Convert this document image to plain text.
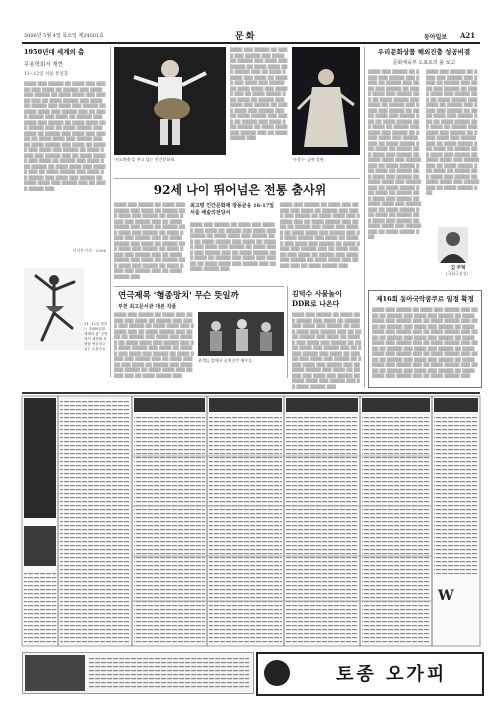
2006년 5월 4일 목요일 제24501호	문화	동아일보 A21
1950년대 세계의 춤
무용학회서 재현
11∼12일 서울 통일홀

▒▒▒▒ ▒▒▒ ▒▒▒▒▒ ▒▒ ▒▒▒▒ ▒▒▒ ▒▒▒▒▒ ▒▒▒ ▒▒▒▒ ▒▒ ▒▒▒▒▒ ▒▒▒ ▒▒▒▒ ▒▒▒ ▒▒▒▒▒ ▒▒ ▒▒▒▒ ▒▒▒▒ ▒▒▒ ▒▒▒▒▒ ▒▒▒ ▒▒ ▒▒▒▒ ▒▒▒▒▒ ▒▒▒ ▒▒▒▒ ▒▒ ▒▒▒▒▒ ▒▒▒ ▒▒▒▒ ▒▒▒ ▒▒▒▒▒ ▒▒ ▒▒▒▒ ▒▒▒▒ ▒▒▒ ▒▒▒▒▒ ▒▒▒ ▒▒ ▒▒▒▒ ▒▒▒▒▒ ▒▒▒ ▒▒▒▒ ▒▒ ▒▒▒▒▒ ▒▒▒ ▒▒▒▒ ▒▒▒ ▒▒▒▒▒ ▒▒ ▒▒▒▒ ▒▒▒▒ ▒▒▒ ▒▒▒▒▒ ▒▒▒ ▒▒ ▒▒▒▒ ▒▒▒▒▒ ▒▒▒ ▒▒▒▒ ▒▒ ▒▒▒▒▒ ▒▒▒ ▒▒▒▒ ▒▒▒ ▒▒▒▒▒ ▒▒ ▒▒▒▒ ▒▒▒▒ ▒▒▒ ▒▒▒▒▒ ▒▒▒ ▒▒ ▒▒▒▒ ▒▒▒▒▒ ▒▒▒ ▒▒▒▒ ▒▒ ▒▒▒▒▒ ▒▒▒ ▒▒▒▒ ▒▒▒ ▒▒▒▒▒ ▒▒ ▒▒▒▒ ▒▒▒▒ ▒▒▒ ▒▒▒▒▒ ▒▒▒ ▒▒ ▒▒▒▒ ▒▒▒▒▒ ▒▒▒ ▒▒▒▒ ▒▒ ▒▒▒▒▒ ▒▒▒ ▒▒▒▒ ▒▒▒ ▒▒▒▒▒ ▒▒ ▒▒▒▒ ▒▒▒▒ ▒▒▒ ▒▒▒▒▒ ▒▒▒ ▒▒ ▒▒▒▒ ▒▒▒▒▒ ▒▒▒ ▒▒▒▒ ▒▒ ▒▒▒▒▒ ▒▒▒ ▒▒▒▒ ▒▒▒ ▒▒▒▒▒ ▒▒ ▒▒▒▒ ▒▒▒▒ ▒▒▒ ▒▒▒▒▒ ▒▒▒ ▒▒ ▒▒▒▒ ▒▒▒▒▒ ▒▒▒

이지은기자 · 2006
11∼12일 열리는 '1950년대 세계의 춤' 공연에서 재현될 작품을 연습하고 있는 무용수들.
'진도북춤'을 추고 있는 인간문화재.

▒▒▒▒ ▒▒▒ ▒▒▒▒▒ ▒▒ ▒▒▒▒ ▒▒▒ ▒▒▒▒▒ ▒▒▒ ▒▒▒▒ ▒▒ ▒▒▒▒▒ ▒▒▒ ▒▒▒▒ ▒▒▒ ▒▒▒▒▒ ▒▒ ▒▒▒▒ ▒▒▒▒ ▒▒▒ ▒▒▒▒▒ ▒▒▒ ▒▒ ▒▒▒▒ ▒▒▒▒▒ ▒▒▒ ▒▒▒▒ ▒▒ ▒▒▒▒▒ ▒▒▒ ▒▒▒▒ ▒▒▒ ▒▒▒▒▒ ▒▒ ▒▒▒▒ ▒▒▒▒ ▒▒▒ ▒▒▒▒▒ ▒▒▒ ▒▒ ▒▒▒▒ ▒▒▒▒▒ ▒▒▒ ▒▒▒▒ ▒▒ ▒▒▒▒▒ ▒▒▒ ▒▒▒▒ ▒▒▒ ▒▒▒▒▒ ▒▒ ▒▒▒▒ ▒▒▒▒ ▒▒▒ ▒▒▒▒▒ ▒▒▒ ▒▒ ▒▒▒▒ ▒▒▒▒▒ ▒▒▒ ▒▒▒▒ ▒▒ ▒▒▒▒▒ ▒▒▒ ▒▒▒▒ ▒▒▒ ▒▒▒▒▒ ▒▒ ▒▒▒▒ ▒▒▒▒ ▒▒▒ ▒▒▒▒▒ ▒▒▒ ▒▒ ▒▒▒▒ ▒▒▒▒▒ ▒▒▒

'무목수' 공연 장면.
우리문화상품 해외진출 성공비결
문화체육부 도표로의 올 보고

▒▒▒▒ ▒▒▒ ▒▒▒▒▒ ▒▒ ▒▒▒▒ ▒▒▒ ▒▒▒▒▒ ▒▒▒ ▒▒▒▒ ▒▒ ▒▒▒▒▒ ▒▒▒ ▒▒▒▒ ▒▒▒ ▒▒▒▒▒ ▒▒ ▒▒▒▒ ▒▒▒▒ ▒▒▒ ▒▒▒▒▒ ▒▒▒ ▒▒ ▒▒▒▒ ▒▒▒▒▒ ▒▒▒ ▒▒▒▒ ▒▒ ▒▒▒▒▒ ▒▒▒ ▒▒▒▒ ▒▒▒ ▒▒▒▒▒ ▒▒ ▒▒▒▒ ▒▒▒▒ ▒▒▒ ▒▒▒▒▒ ▒▒▒ ▒▒ ▒▒▒▒ ▒▒▒▒▒ ▒▒▒ ▒▒▒▒ ▒▒ ▒▒▒▒▒ ▒▒▒ ▒▒▒▒ ▒▒▒ ▒▒▒▒▒ ▒▒ ▒▒▒▒ ▒▒▒▒ ▒▒▒ ▒▒▒▒▒ ▒▒▒ ▒▒ ▒▒▒▒ ▒▒▒▒▒ ▒▒▒ ▒▒▒▒ ▒▒ ▒▒▒▒▒ ▒▒▒ ▒▒▒▒ ▒▒▒ ▒▒▒▒▒ ▒▒ ▒▒▒▒ ▒▒▒▒ ▒▒▒ ▒▒▒▒▒ ▒▒▒ ▒▒ ▒▒▒▒ ▒▒▒▒▒ ▒▒▒ ▒▒▒▒ ▒▒ ▒▒▒▒▒ ▒▒▒ ▒▒▒▒ ▒▒▒ ▒▒▒▒▒ ▒▒ ▒▒▒▒ ▒▒▒▒ ▒▒▒ ▒▒▒▒▒ ▒▒▒ ▒▒ ▒▒▒▒ ▒▒▒▒▒ ▒▒▒ ▒▒▒▒ ▒▒ ▒▒▒▒▒ ▒▒▒ ▒▒▒▒ ▒▒▒ ▒▒▒▒▒ ▒▒ ▒▒▒▒ ▒▒▒▒ ▒▒▒ ▒▒▒▒▒ ▒▒▒ ▒▒ ▒▒▒▒ ▒▒▒▒▒ ▒▒▒ ▒▒▒▒ ▒▒ ▒▒▒▒▒ ▒▒▒ ▒▒▒▒ ▒▒▒ ▒▒▒▒▒ ▒▒ ▒▒▒▒ ▒▒▒▒ ▒▒▒ ▒▒▒▒▒ ▒▒▒ ▒▒ ▒▒▒▒ ▒▒▒▒▒ ▒▒▒

▒▒▒▒ ▒▒▒ ▒▒▒▒▒ ▒▒ ▒▒▒▒ ▒▒▒ ▒▒▒▒▒ ▒▒▒ ▒▒▒▒ ▒▒ ▒▒▒▒▒ ▒▒▒ ▒▒▒▒ ▒▒▒ ▒▒▒▒▒ ▒▒ ▒▒▒▒ ▒▒▒▒ ▒▒▒ ▒▒▒▒▒ ▒▒▒ ▒▒ ▒▒▒▒ ▒▒▒▒▒ ▒▒▒ ▒▒▒▒ ▒▒ ▒▒▒▒▒ ▒▒▒ ▒▒▒▒ ▒▒▒ ▒▒▒▒▒ ▒▒ ▒▒▒▒ ▒▒▒▒ ▒▒▒ ▒▒▒▒▒ ▒▒▒ ▒▒ ▒▒▒▒ ▒▒▒▒▒ ▒▒▒ ▒▒▒▒ ▒▒ ▒▒▒▒▒ ▒▒▒ ▒▒▒▒ ▒▒▒ ▒▒▒▒▒ ▒▒ ▒▒▒▒ ▒▒▒▒ ▒▒▒ ▒▒▒▒▒ ▒▒▒ ▒▒ ▒▒▒▒ ▒▒▒▒▒ ▒▒▒ ▒▒▒▒ ▒▒ ▒▒▒▒▒ ▒▒▒ ▒▒▒▒ ▒▒▒ ▒▒▒▒▒ ▒▒ ▒▒▒▒ ▒▒▒▒ ▒▒▒ ▒▒▒▒▒ ▒▒▒ ▒▒ ▒▒▒▒ ▒▒▒▒▒ ▒▒▒ ▒▒▒▒ ▒▒ ▒▒▒▒▒ ▒▒▒ ▒▒▒▒ ▒▒▒ ▒▒▒▒▒ ▒▒ ▒▒▒▒ ▒▒▒▒ ▒▒▒ ▒▒▒▒▒ ▒▒▒ ▒▒ ▒▒▒▒ ▒▒▒▒▒ ▒▒▒

김 주혁
(국립극장장)
92세 나이 뛰어넘은 전통 춤사위

▒▒▒▒ ▒▒▒ ▒▒▒▒▒ ▒▒ ▒▒▒▒ ▒▒▒ ▒▒▒▒▒ ▒▒▒ ▒▒▒▒ ▒▒ ▒▒▒▒▒ ▒▒▒ ▒▒▒▒ ▒▒▒ ▒▒▒▒▒ ▒▒ ▒▒▒▒ ▒▒▒▒ ▒▒▒ ▒▒▒▒▒ ▒▒▒ ▒▒ ▒▒▒▒ ▒▒▒▒▒ ▒▒▒ ▒▒▒▒ ▒▒ ▒▒▒▒▒ ▒▒▒ ▒▒▒▒ ▒▒▒ ▒▒▒▒▒ ▒▒ ▒▒▒▒ ▒▒▒▒ ▒▒▒ ▒▒▒▒▒ ▒▒▒ ▒▒ ▒▒▒▒ ▒▒▒▒▒ ▒▒▒ ▒▒▒▒ ▒▒ ▒▒▒▒▒ ▒▒▒ ▒▒▒▒ ▒▒▒ ▒▒▒▒▒ ▒▒ ▒▒▒▒ ▒▒▒▒ ▒▒▒ ▒▒▒▒▒ ▒▒▒ ▒▒ ▒▒▒▒ ▒▒▒▒▒ ▒▒▒ ▒▒▒▒ ▒▒ ▒▒▒▒▒ ▒▒▒ ▒▒▒▒ ▒▒▒ ▒▒▒▒▒ ▒▒ ▒▒▒▒ ▒▒▒▒ ▒▒▒ ▒▒▒▒▒ ▒▒▒ ▒▒ ▒▒▒▒ ▒▒▒▒▒ ▒▒▒

최고령 인간문화재 장동균옹 16-17일 서울 예술의전당서

▒▒▒▒ ▒▒▒ ▒▒▒▒▒ ▒▒ ▒▒▒▒ ▒▒▒ ▒▒▒▒▒ ▒▒▒ ▒▒▒▒ ▒▒ ▒▒▒▒▒ ▒▒▒ ▒▒▒▒ ▒▒▒ ▒▒▒▒▒ ▒▒ ▒▒▒▒ ▒▒▒▒ ▒▒▒ ▒▒▒▒▒ ▒▒▒ ▒▒ ▒▒▒▒ ▒▒▒▒▒ ▒▒▒ ▒▒▒▒ ▒▒ ▒▒▒▒▒ ▒▒▒ ▒▒▒▒ ▒▒▒ ▒▒▒▒▒ ▒▒ ▒▒▒▒ ▒▒▒▒ ▒▒▒ ▒▒▒▒▒ ▒▒▒ ▒▒ ▒▒▒▒ ▒▒▒▒▒ ▒▒▒ ▒▒▒▒ ▒▒ ▒▒▒▒▒ ▒▒▒ ▒▒▒▒ ▒▒▒ ▒▒▒▒▒ ▒▒ ▒▒▒▒ ▒▒▒▒ ▒▒▒ ▒▒▒▒▒ ▒▒▒ ▒▒ ▒▒▒▒ ▒▒▒▒▒ ▒▒▒

▒▒▒▒ ▒▒▒ ▒▒▒▒▒ ▒▒ ▒▒▒▒ ▒▒▒ ▒▒▒▒▒ ▒▒▒ ▒▒▒▒ ▒▒ ▒▒▒▒▒ ▒▒▒ ▒▒▒▒ ▒▒▒ ▒▒▒▒▒ ▒▒ ▒▒▒▒ ▒▒▒▒ ▒▒▒ ▒▒▒▒▒ ▒▒▒ ▒▒ ▒▒▒▒ ▒▒▒▒▒ ▒▒▒ ▒▒▒▒ ▒▒ ▒▒▒▒▒ ▒▒▒ ▒▒▒▒ ▒▒▒ ▒▒▒▒▒ ▒▒ ▒▒▒▒ ▒▒▒▒ ▒▒▒ ▒▒▒▒▒ ▒▒▒ ▒▒ ▒▒▒▒ ▒▒▒▒▒ ▒▒▒ ▒▒▒▒ ▒▒ ▒▒▒▒▒ ▒▒▒ ▒▒▒▒ ▒▒▒ ▒▒▒▒▒ ▒▒ ▒▒▒▒ ▒▒▒▒ ▒▒▒ ▒▒▒▒▒ ▒▒▒ ▒▒ ▒▒▒▒ ▒▒▒▒▒ ▒▒▒ ▒▒▒▒ ▒▒ ▒▒▒▒▒ ▒▒▒ ▒▒▒▒ ▒▒▒ ▒▒▒▒▒ ▒▒ ▒▒▒▒ ▒▒▒▒ ▒▒▒ ▒▒▒▒▒ ▒▒▒ ▒▒ ▒▒▒▒ ▒▒▒▒▒ ▒▒▒

연극제목 '형종망치' 무슨 뜻일까
부천 최고문서관 대본 작품

▒▒▒▒ ▒▒▒ ▒▒▒▒▒ ▒▒ ▒▒▒▒ ▒▒▒ ▒▒▒▒▒ ▒▒▒ ▒▒▒▒ ▒▒ ▒▒▒▒▒ ▒▒▒ ▒▒▒▒ ▒▒▒ ▒▒▒▒▒ ▒▒ ▒▒▒▒ ▒▒▒▒ ▒▒▒ ▒▒▒▒▒ ▒▒▒ ▒▒ ▒▒▒▒ ▒▒▒▒▒ ▒▒▒ ▒▒▒▒ ▒▒ ▒▒▒▒▒ ▒▒▒ ▒▒▒▒ ▒▒▒ ▒▒▒▒▒ ▒▒ ▒▒▒▒ ▒▒▒▒ ▒▒▒ ▒▒▒▒▒ ▒▒▒ ▒▒ ▒▒▒▒ ▒▒▒▒▒ ▒▒▒ ▒▒▒▒ ▒▒ ▒▒▒▒▒ ▒▒▒ ▒▒▒▒ ▒▒▒ ▒▒▒▒▒ ▒▒ ▒▒▒▒ ▒▒▒▒ ▒▒▒ ▒▒▒▒▒ ▒▒▒ ▒▒ ▒▒▒▒ ▒▒▒▒▒ ▒▒▒ ▒▒▒▒ ▒▒ ▒▒▒▒▒ ▒▒▒ ▒▒▒▒ ▒▒▒ ▒▒▒▒▒ ▒▒ ▒▒▒▒ ▒▒▒▒ ▒▒▒ ▒▒▒▒▒ ▒▒▒ ▒▒ ▒▒▒▒ ▒▒▒▒▒ ▒▒▒

관객들 앞에서 공연중인 배우들.
김덕수 사물놀이 DDR로 나온다

▒▒▒▒ ▒▒▒ ▒▒▒▒▒ ▒▒ ▒▒▒▒ ▒▒▒ ▒▒▒▒▒ ▒▒▒ ▒▒▒▒ ▒▒ ▒▒▒▒▒ ▒▒▒ ▒▒▒▒ ▒▒▒ ▒▒▒▒▒ ▒▒ ▒▒▒▒ ▒▒▒▒ ▒▒▒ ▒▒▒▒▒ ▒▒▒ ▒▒ ▒▒▒▒ ▒▒▒▒▒ ▒▒▒ ▒▒▒▒ ▒▒ ▒▒▒▒▒ ▒▒▒ ▒▒▒▒ ▒▒▒ ▒▒▒▒▒ ▒▒ ▒▒▒▒ ▒▒▒▒ ▒▒▒ ▒▒▒▒▒ ▒▒▒ ▒▒ ▒▒▒▒ ▒▒▒▒▒ ▒▒▒ ▒▒▒▒ ▒▒ ▒▒▒▒▒ ▒▒▒ ▒▒▒▒ ▒▒▒ ▒▒▒▒▒ ▒▒ ▒▒▒▒ ▒▒▒▒ ▒▒▒ ▒▒▒▒▒ ▒▒▒ ▒▒ ▒▒▒▒ ▒▒▒▒▒ ▒▒▒ ▒▒▒▒ ▒▒ ▒▒▒▒▒ ▒▒▒ ▒▒▒▒ ▒▒▒ ▒▒▒▒▒ ▒▒ ▒▒▒▒ ▒▒▒▒ ▒▒▒ ▒▒▒▒▒ ▒▒▒ ▒▒ ▒▒▒▒ ▒▒▒▒▒ ▒▒▒

제16회 동아국악콩쿠르 일정 확정

▒▒▒▒ ▒▒▒ ▒▒▒▒▒ ▒▒ ▒▒▒▒ ▒▒▒ ▒▒▒▒▒ ▒▒▒ ▒▒▒▒ ▒▒ ▒▒▒▒▒ ▒▒▒ ▒▒▒▒ ▒▒▒ ▒▒▒▒▒ ▒▒ ▒▒▒▒ ▒▒▒▒ ▒▒▒ ▒▒▒▒▒ ▒▒▒ ▒▒ ▒▒▒▒ ▒▒▒▒▒ ▒▒▒ ▒▒▒▒ ▒▒ ▒▒▒▒▒ ▒▒▒ ▒▒▒▒ ▒▒▒ ▒▒▒▒▒ ▒▒ ▒▒▒▒ ▒▒▒▒ ▒▒▒ ▒▒▒▒▒ ▒▒▒ ▒▒ ▒▒▒▒ ▒▒▒▒▒ ▒▒▒ ▒▒▒▒ ▒▒ ▒▒▒▒▒ ▒▒▒ ▒▒▒▒ ▒▒▒ ▒▒▒▒▒ ▒▒ ▒▒▒▒ ▒▒▒▒ ▒▒▒ ▒▒▒▒▒ ▒▒▒ ▒▒ ▒▒▒▒ ▒▒▒▒▒ ▒▒▒ ▒▒▒▒ ▒▒ ▒▒▒▒▒ ▒▒▒ ▒▒▒▒ ▒▒▒ ▒▒▒▒▒ ▒▒ ▒▒▒▒ ▒▒▒▒ ▒▒▒ ▒▒▒▒▒ ▒▒▒ ▒▒ ▒▒▒▒ ▒▒▒▒▒ ▒▒▒ ▒▒▒▒ ▒▒ ▒▒▒▒▒ ▒▒▒ ▒▒▒▒ ▒▒▒ ▒▒▒▒▒ ▒▒ ▒▒▒▒ ▒▒▒▒ ▒▒▒ ▒▒▒▒▒ ▒▒▒ ▒▒ ▒▒▒▒ ▒▒▒▒▒ ▒▒▒ ▒▒▒▒ ▒▒ ▒▒▒▒▒ ▒▒▒ ▒▒▒▒ ▒▒▒ ▒▒▒▒▒ ▒▒ ▒▒▒▒ ▒▒▒▒ ▒▒▒ ▒▒▒▒▒ ▒▒▒ ▒▒ ▒▒▒▒ ▒▒▒▒▒ ▒▒▒

W
토종 오가피
